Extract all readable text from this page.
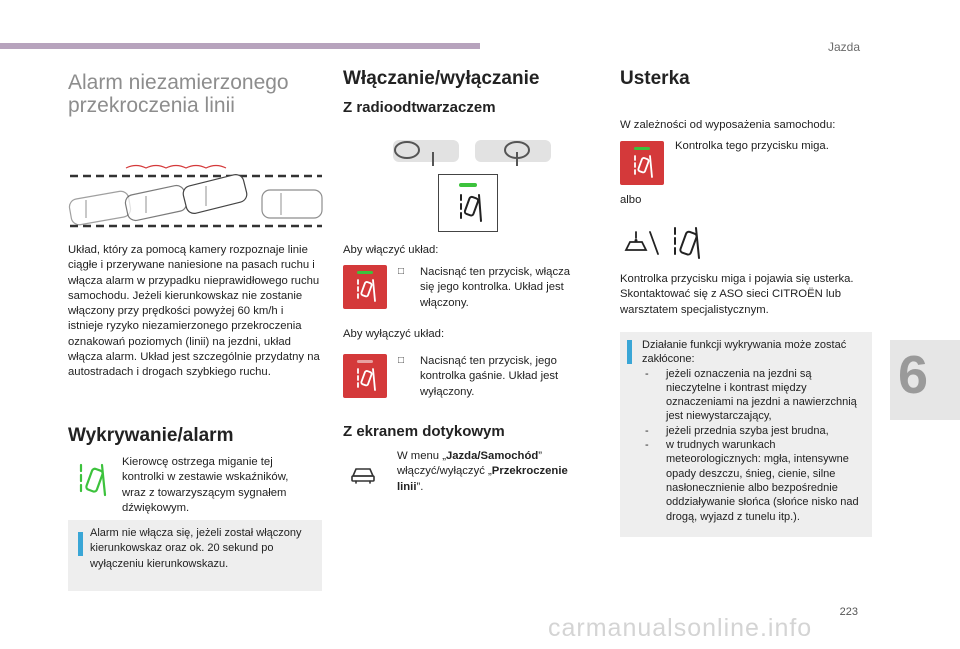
Jazda
6
223
carmanualsonline.info
Alarm niezamierzonego przekroczenia linii
Układ, który za pomocą kamery rozpoznaje linie ciągłe i przerywane naniesione na pasach ruchu i włącza alarm w przypadku nieprawidłowego ruchu samochodu. Jeżeli kierunkowskaz nie zostanie włączony przy prędkości powyżej 60 km/h i istnieje ryzyko niezamierzonego przekroczenia oznakowań poziomych (linii) na jezdni, układ włącza alarm. Układ jest szczególnie przydatny na autostradach i drogach szybkiego ruchu.
Wykrywanie/alarm
Kierowcę ostrzega miganie tej kontrolki w zestawie wskaźników, wraz z towarzyszącym sygnałem dźwiękowym.
Alarm nie włącza się, jeżeli został włączony kierunkowskaz oraz ok. 20 sekund po wyłączeniu kierunkowskazu.
Włączanie/wyłączanie
Z radioodtwarzaczem
Aby włączyć układ:
□ Nacisnąć ten przycisk, włącza się jego kontrolka. Układ jest włączony.
Aby wyłączyć układ:
□ Nacisnąć ten przycisk, jego kontrolka gaśnie. Układ jest wyłączony.
Z ekranem dotykowym
W menu „Jazda/Samochód” włączyć/wyłączyć „Przekroczenie linii”.
Usterka
W zależności od wyposażenia samochodu:
Kontrolka tego przycisku miga.
albo
Kontrolka przycisku miga i pojawia się usterka. Skontaktować się z ASO sieci CITROËN lub warsztatem specjalistycznym.
Działanie funkcji wykrywania może zostać zakłócone:
- jeżeli oznaczenia na jezdni są nieczytelne i kontrast między oznaczeniami na jezdni a nawierzchnią jest niewystarczający,
- jeżeli przednia szyba jest brudna,
- w trudnych warunkach meteorologicznych: mgła, intensywne opady deszczu, śnieg, cienie, silne nasłonecznienie albo bezpośrednie oddziaływanie słońca (słońce nisko nad drogą, wyjazd z tunelu itp.).
